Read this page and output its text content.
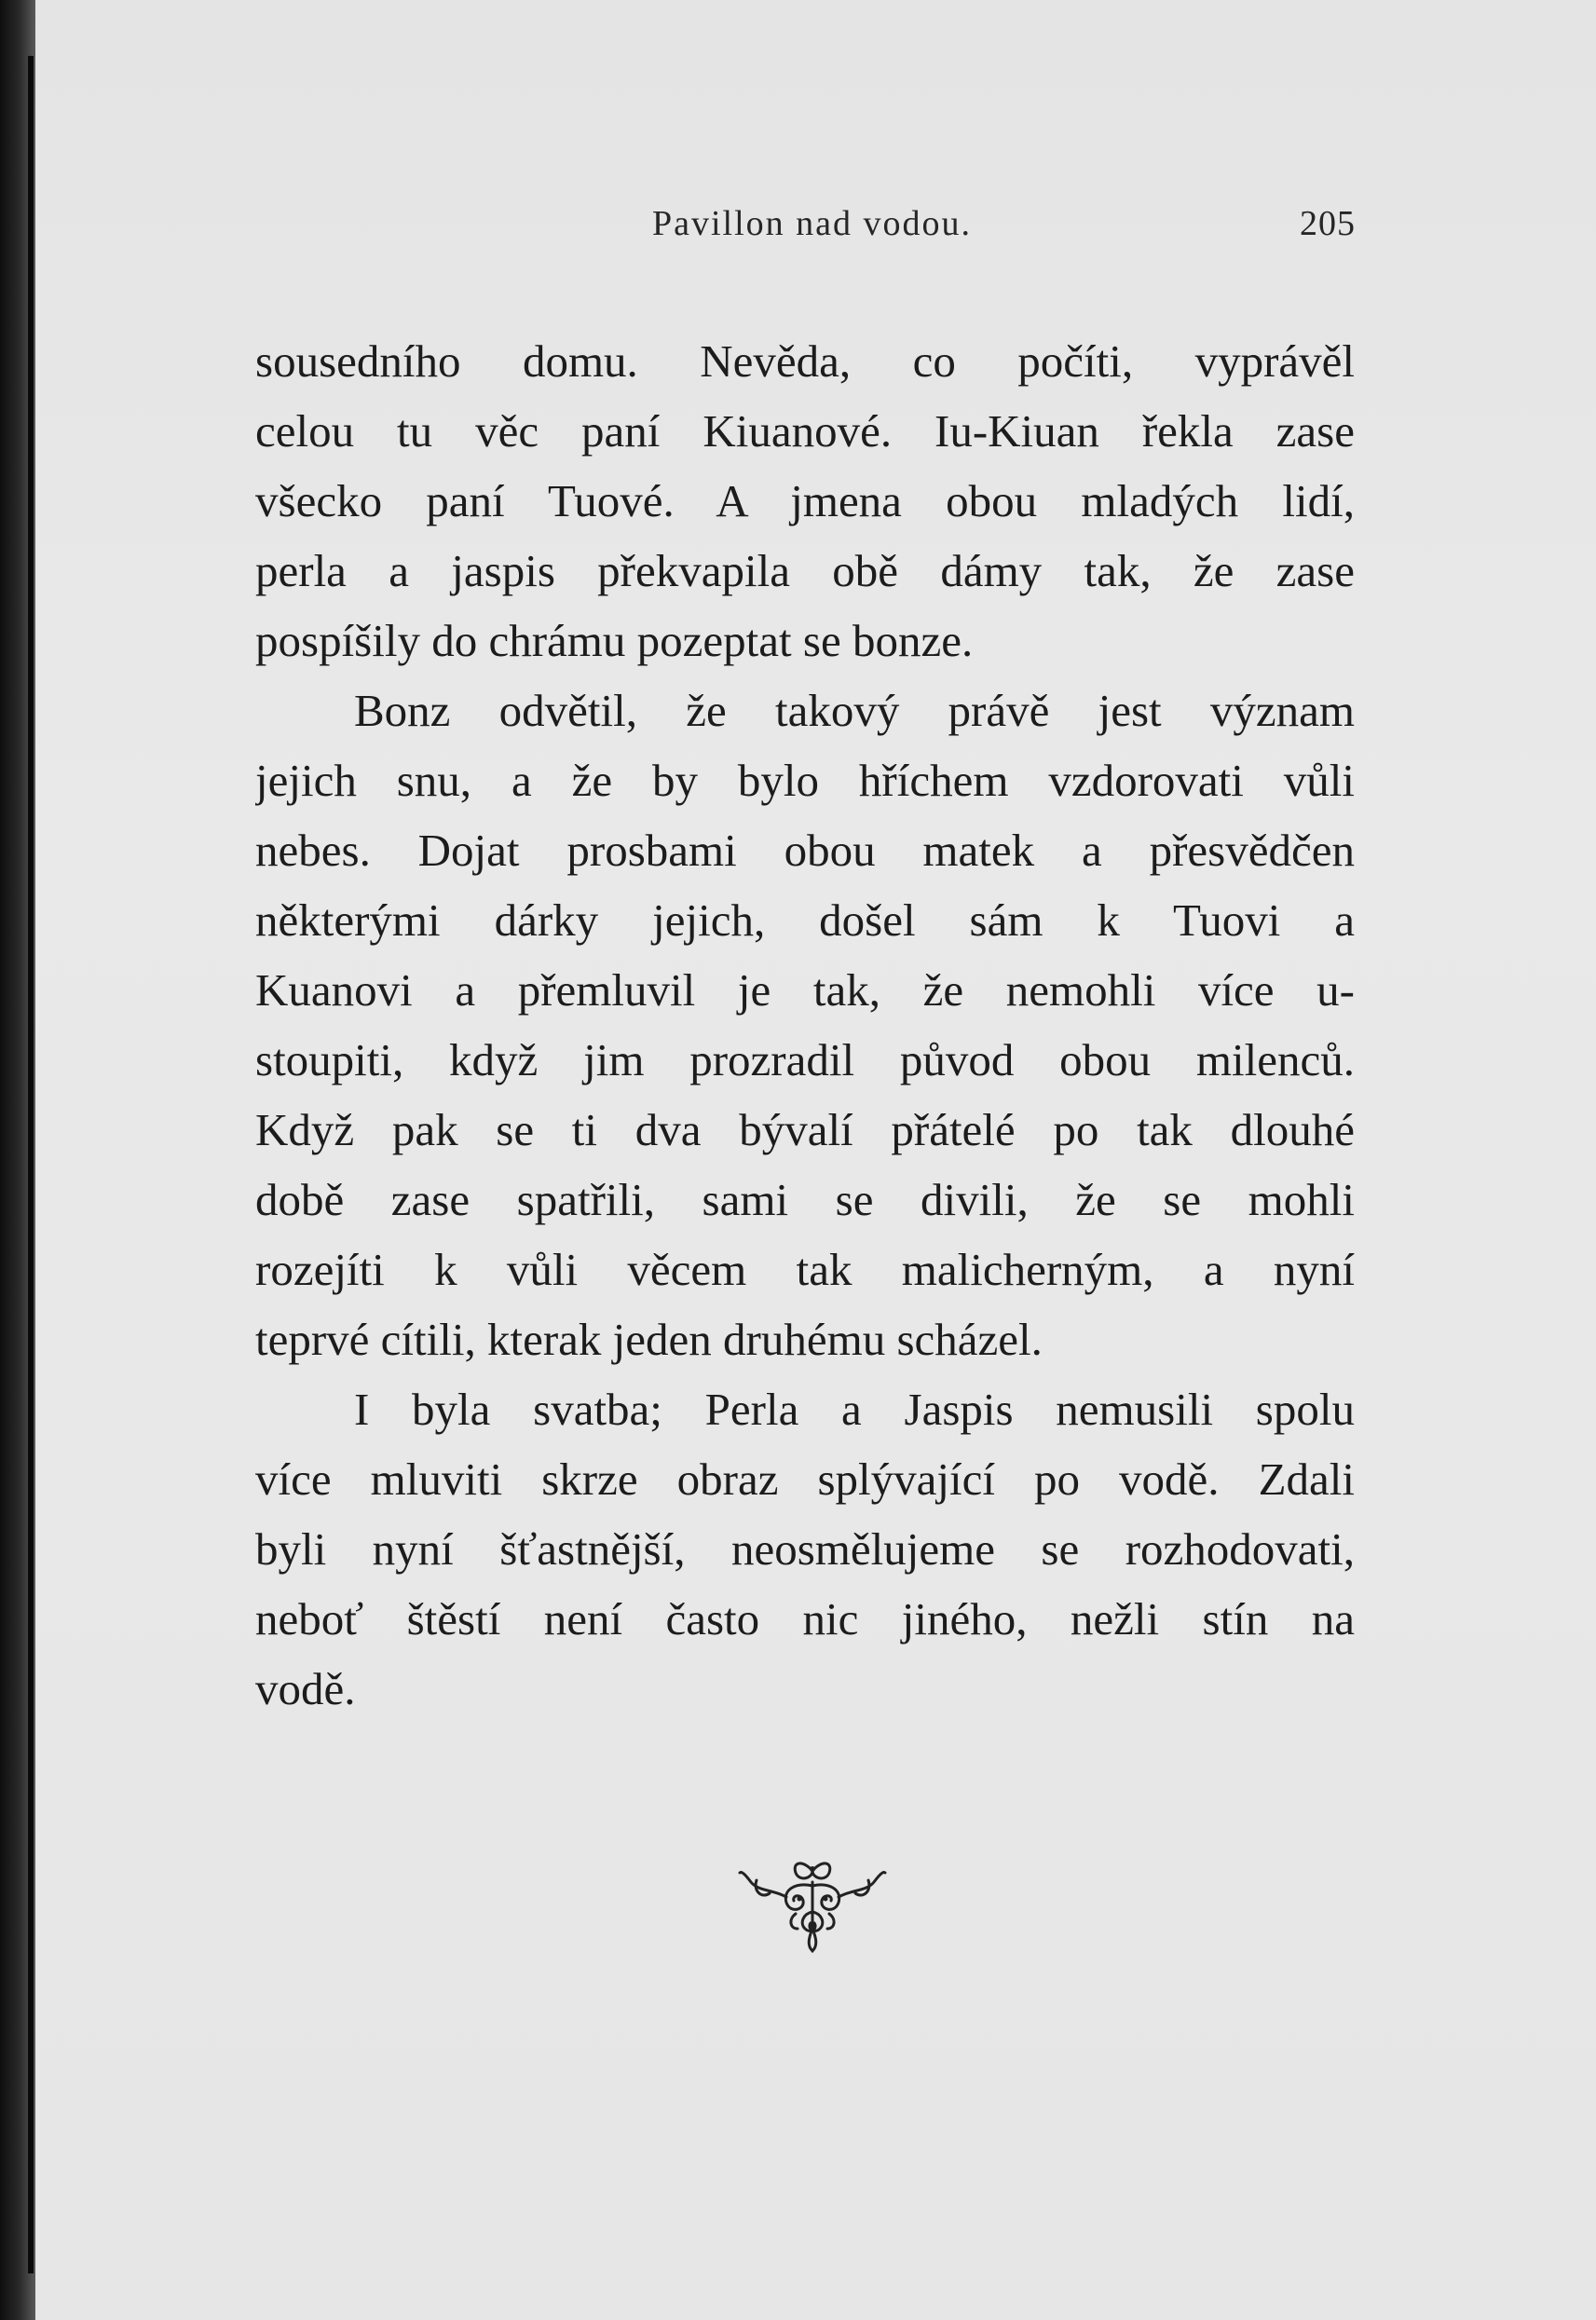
Pavillon nad vodou.	205
sousedního domu. Nevěda, co počíti, vyprávěl
celou tu věc paní Kiuanové. Iu-Kiuan řekla zase
všecko paní Tuové. A jmena obou mladých lidí,
perla a jaspis překvapila obě dámy tak, že zase
pospíšily do chrámu pozeptat se bonze.
Bonz odvětil, že takový právě jest význam
jejich snu, a že by bylo hříchem vzdorovati vůli
nebes. Dojat prosbami obou matek a přesvědčen
některými dárky jejich, došel sám k Tuovi a
Kuanovi a přemluvil je tak, že nemohli více u-
stoupiti, když jim prozradil původ obou milenců.
Když pak se ti dva bývalí přátelé po tak dlouhé
době zase spatřili, sami se divili, že se mohli
rozejíti k vůli věcem tak malicherným, a nyní
teprvé cítili, kterak jeden druhému scházel.
I byla svatba; Perla a Jaspis nemusili spolu
více mluviti skrze obraz splývající po vodě. Zdali
byli nyní šťastnější, neosmělujeme se rozhodovati,
neboť štěstí není často nic jiného, nežli stín na
vodě.
